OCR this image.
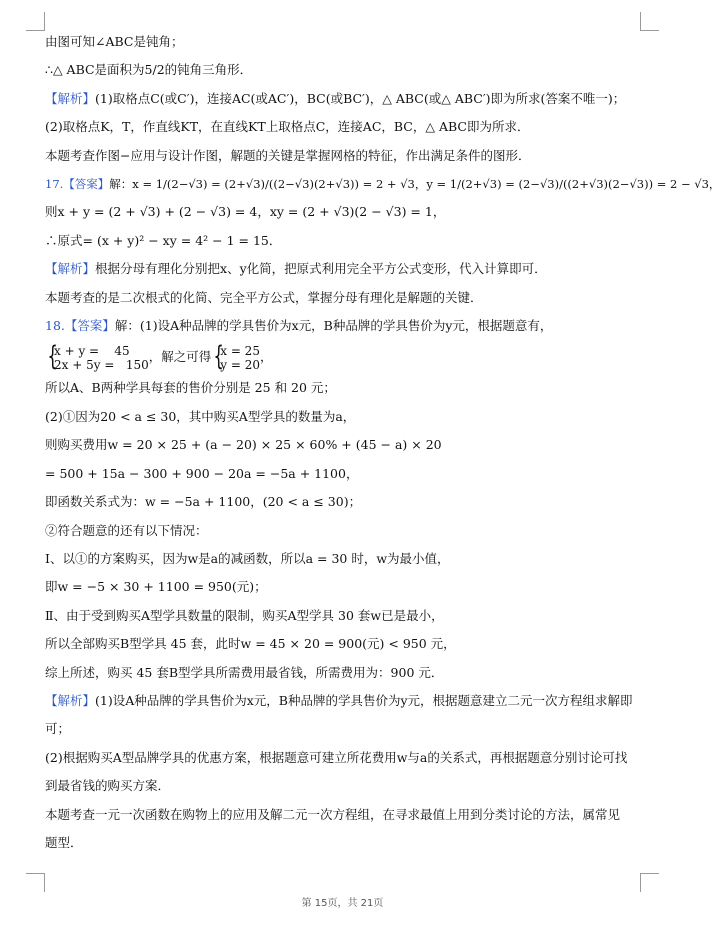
由图可知∠ABC是钝角；
∴△ ABC是面积为5/2的钝角三角形．
【解析】(1)取格点C(或C′)，连接AC(或AC′)，BC(或BC′)，△ ABC(或△ ABC′)即为所求(答案不唯一)；
(2)取格点K，T，作直线KT，在直线KT上取格点C，连接AC，BC，△ ABC即为所求．
本题考查作图−应用与设计作图，解题的关键是掌握网格的特征，作出满足条件的图形．
17.【答案】解：x = 1/(2−√3) = (2+√3)/((2−√3)(2+√3)) = 2 + √3，y = 1/(2+√3) = (2−√3)/((2+√3)(2−√3)) = 2 − √3，
则x + y = (2 + √3) + (2 − √3) = 4，xy = (2 + √3)(2 − √3) = 1，
∴原式= (x + y)² − xy = 4² − 1 = 15．
【解析】根据分母有理化分别把x、y化简，把原式利用完全平方公式变形，代入计算即可．
本题考查的是二次根式的化简、完全平方公式，掌握分母有理化是解题的关键．
18.【答案】解：(1)设A种品牌的学具售价为x元，B种品牌的学具售价为y元，根据题意有，
{ x + y =    45
2x + 5y =   150
，解之可得
{ x = 25
y = 20
，
所以A、B两种学具每套的售价分别是 25 和 20 元；
(2)①因为20 < a ≤ 30，其中购买A型学具的数量为a，
则购买费用w = 20 × 25 + (a − 20) × 25 × 60% + (45 − a) × 20
= 500 + 15a − 300 + 900 − 20a = −5a + 1100，
即函数关系式为：w = −5a + 1100，(20 < a ≤ 30)；
②符合题意的还有以下情况：
Ⅰ、以①的方案购买，因为w是a的减函数，所以a = 30 时，w为最小值，
即w = −5 × 30 + 1100 = 950(元)；
Ⅱ、由于受到购买A型学具数量的限制，购买A型学具 30 套w已是最小，
所以全部购买B型学具 45 套，此时w = 45 × 20 = 900(元) < 950 元，
综上所述，购买 45 套B型学具所需费用最省钱，所需费用为：900 元．
【解析】(1)设A种品牌的学具售价为x元，B种品牌的学具售价为y元，根据题意建立二元一次方程组求解即
可；
(2)根据购买A型品牌学具的优惠方案，根据题意可建立所花费用w与a的关系式，再根据题意分别讨论可找
到最省钱的购买方案．
本题考查一元一次函数在购物上的应用及解二元一次方程组，在寻求最值上用到分类讨论的方法，属常见
题型．
第 15页，共 21页
